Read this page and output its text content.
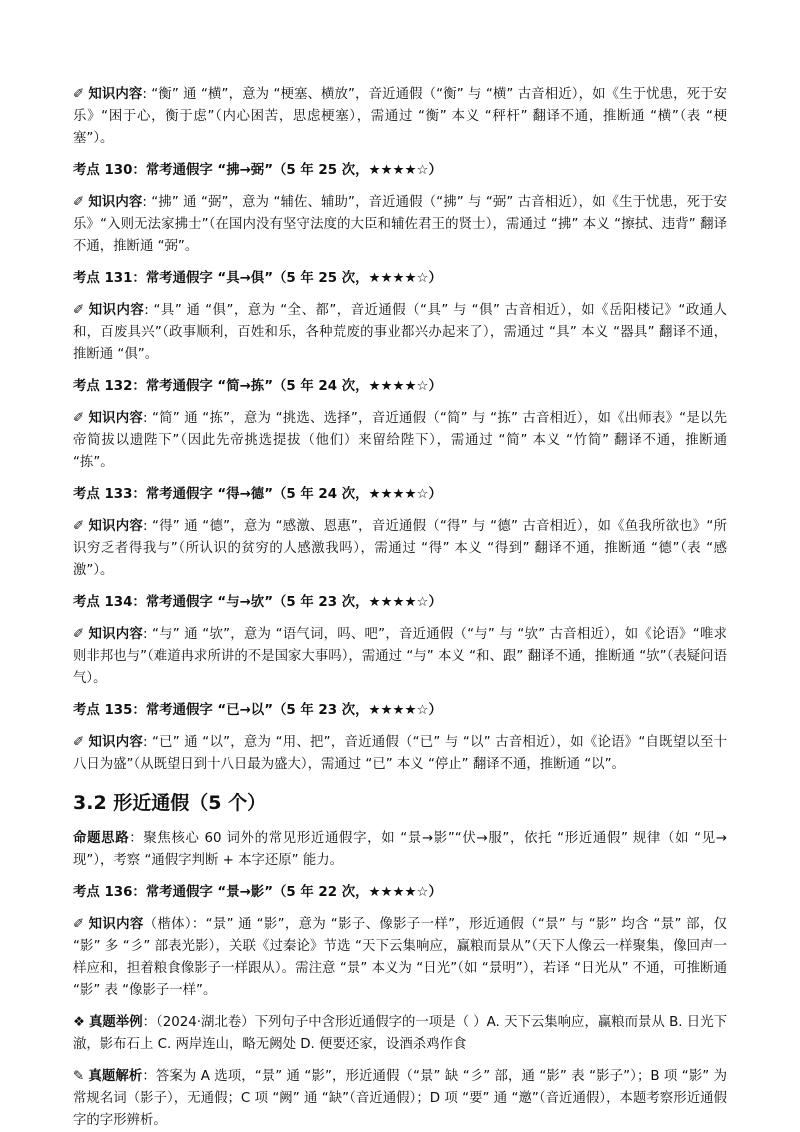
✐ 知识内容: “衡” 通 “横”，意为 “梗塞、横放”，音近通假（“衡” 与 “横” 古音相近），如《生于忧患，死于安乐》“困于心，衡于虑”（内心困苦，思虑梗塞），需通过 “衡” 本义 “秤杆” 翻译不通，推断通 “横”（表 “梗塞”）。

考点 130：常考通假字 “拂→弼”（5 年 25 次，★★★★☆）

✐ 知识内容: “拂” 通 “弼”，意为 “辅佐、辅助”，音近通假（“拂” 与 “弼” 古音相近），如《生于忧患，死于安乐》“入则无法家拂士”（在国内没有坚守法度的大臣和辅佐君王的贤士），需通过 “拂” 本义 “擦拭、违背” 翻译不通，推断通 “弼”。

考点 131：常考通假字 “具→俱”（5 年 25 次，★★★★☆）

✐ 知识内容: “具” 通 “俱”，意为 “全、都”，音近通假（“具” 与 “俱” 古音相近），如《岳阳楼记》“政通人和，百废具兴”（政事顺利，百姓和乐，各种荒废的事业都兴办起来了），需通过 “具” 本义 “器具” 翻译不通，推断通 “俱”。

考点 132：常考通假字 “简→拣”（5 年 24 次，★★★★☆）

✐ 知识内容: “简” 通 “拣”，意为 “挑选、选择”，音近通假（“简” 与 “拣” 古音相近），如《出师表》“是以先帝简拔以遗陛下”（因此先帝挑选提拔（他们）来留给陛下），需通过 “简” 本义 “竹简” 翻译不通，推断通 “拣”。

考点 133：常考通假字 “得→德”（5 年 24 次，★★★★☆）

✐ 知识内容: “得” 通 “德”，意为 “感激、恩惠”，音近通假（“得” 与 “德” 古音相近），如《鱼我所欲也》“所识穷乏者得我与”（所认识的贫穷的人感激我吗），需通过 “得” 本义 “得到” 翻译不通，推断通 “德”（表 “感激”）。

考点 134：常考通假字 “与→欤”（5 年 23 次，★★★★☆）

✐ 知识内容: “与” 通 “欤”，意为 “语气词，吗、吧”，音近通假（“与” 与 “欤” 古音相近），如《论语》“唯求则非邦也与”（难道冉求所讲的不是国家大事吗），需通过 “与” 本义 “和、跟” 翻译不通，推断通 “欤”（表疑问语气）。

考点 135：常考通假字 “已→以”（5 年 23 次，★★★★☆）

✐ 知识内容: “已” 通 “以”，意为 “用、把”，音近通假（“已” 与 “以” 古音相近），如《论语》“自既望以至十八日为盛”（从既望日到十八日最为盛大），需通过 “已” 本义 “停止” 翻译不通，推断通 “以”。

3.2 形近通假（5 个）

命题思路：聚焦核心 60 词外的常见形近通假字，如 “景→影”“伏→服”，依托 “形近通假” 规律（如 “见→现”），考察 “通假字判断 + 本字还原” 能力。

考点 136：常考通假字 “景→影”（5 年 22 次，★★★★☆）

✐ 知识内容（楷体）：“景” 通 “影”，意为 “影子、像影子一样”，形近通假（“景” 与 “影” 均含 “景” 部，仅 “影” 多 “彡” 部表光影），关联《过秦论》节选 “天下云集响应，赢粮而景从”（天下人像云一样聚集，像回声一样应和，担着粮食像影子一样跟从）。需注意 “景” 本义为 “日光”（如 “景明”），若译 “日光从” 不通，可推断通 “影” 表 “像影子一样”。

❖ 真题举例：（2024·湖北卷）下列句子中含形近通假字的一项是（ ）A. 天下云集响应，赢粮而景从 B. 日光下澈，影布石上 C. 两岸连山，略无阙处 D. 便要还家，设酒杀鸡作食

✎ 真题解析：答案为 A 选项，“景” 通 “影”，形近通假（“景” 缺 “彡” 部，通 “影” 表 “影子”）；B 项 “影” 为常规名词（影子），无通假；C 项 “阙” 通 “缺”（音近通假）；D 项 “要” 通 “邀”（音近通假），本题考察形近通假字的字形辨析。
